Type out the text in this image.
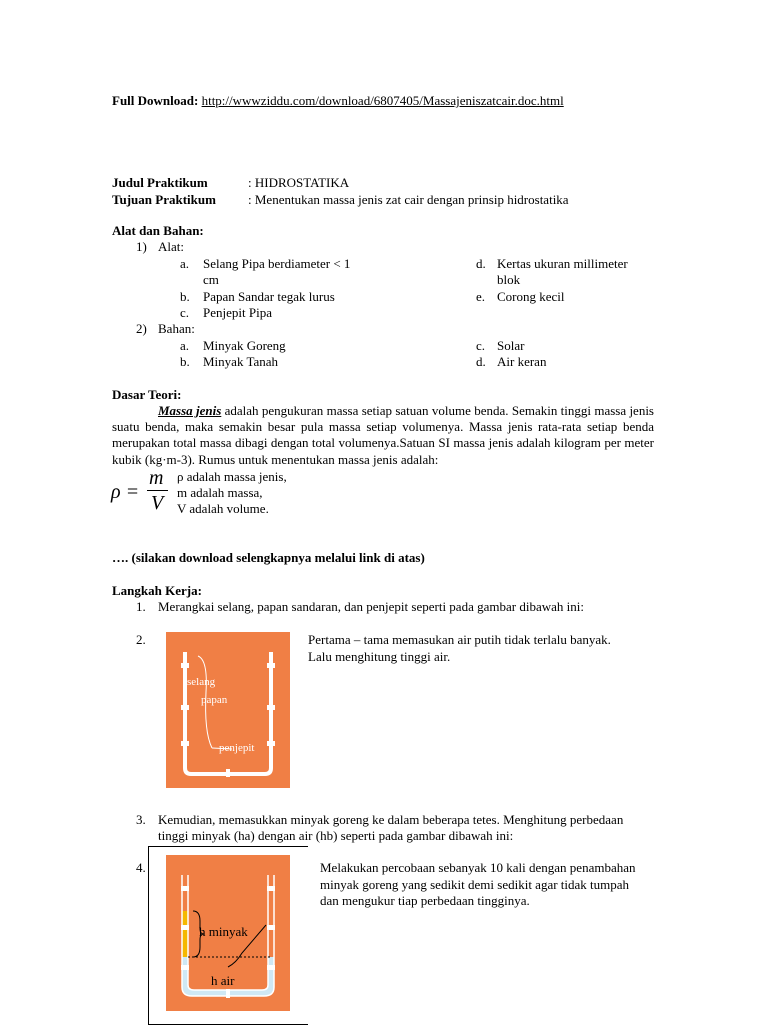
Full Download: http://wwwziddu.com/download/6807405/Massajeniszatcair.doc.html
Judul Praktikum	: HIDROSTATIKA
Tujuan Praktikum : Menentukan massa jenis zat cair dengan prinsip hidrostatika
Alat dan Bahan:
1) Alat:
a. Selang Pipa berdiameter < 1
cm
b. Papan Sandar tegak lurus
c. Penjepit Pipa
d. Kertas ukuran millimeter
blok
e. Corong kecil
2) Bahan:
a. Minyak Goreng
b. Minyak Tanah
c. Solar
d. Air keran
Dasar Teori:
Massa jenis adalah pengukuran massa setiap satuan volume benda. Semakin tinggi massa jenis suatu benda, maka semakin besar pula massa setiap volumenya. Massa jenis rata-rata setiap benda merupakan total massa dibagi dengan total volumenya.Satuan SI massa jenis adalah kilogram per meter kubik (kg·m-3). Rumus untuk menentukan massa jenis adalah:
ρ =
m
V
ρ adalah massa jenis,
m adalah massa,
V adalah volume.
…. (silakan download selengkapnya melalui link di atas)
Langkah Kerja:
1. Merangkai selang, papan sandaran, dan penjepit seperti pada gambar dibawah ini:
2.	Pertama – tama memasukan air putih tidak terlalu banyak.
Lalu menghitung tinggi air.
selang
papan
penjepit
3. Kemudian, memasukkan minyak goreng ke dalam beberapa tetes. Menghitung perbedaan
tinggi minyak (ha) dengan air (hb) seperti pada gambar dibawah ini:
4.	Melakukan percobaan sebanyak 10 kali dengan penambahan
minyak goreng yang sedikit demi sedikit agar tidak tumpah
dan mengukur tiap perbedaan tingginya.
h minyak
h air
